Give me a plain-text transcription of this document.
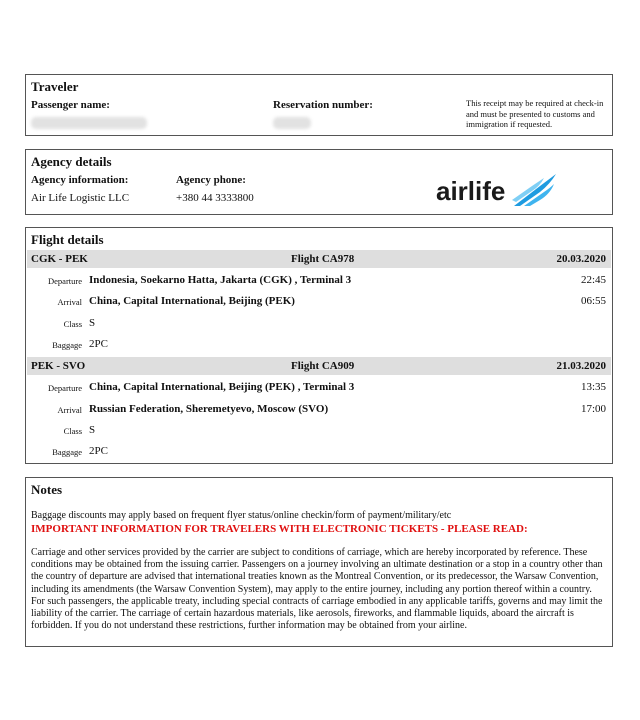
Traveler
Passenger name:	Reservation number:	This receipt may be required at check-in and must be presented to customs and immigration if requested.
Agency details
Agency information:
Air Life Logistic LLC
Agency phone:
+380 44 3333800	airlife
Flight details
CGK - PEK	Flight CA978	20.03.2020
Departure Indonesia, Soekarno Hatta, Jakarta (CGK) , Terminal 3	22:45
Arrival China, Capital International, Beijing (PEK)	06:55
Class S
Baggage 2PC
PEK - SVO	Flight CA909	21.03.2020
Departure China, Capital International, Beijing (PEK) , Terminal 3	13:35
Arrival Russian Federation, Sheremetyevo, Moscow (SVO)	17:00
Class S
Baggage 2PC
Notes
Baggage discounts may apply based on frequent flyer status/online checkin/form of payment/military/etc
IMPORTANT INFORMATION FOR TRAVELERS WITH ELECTRONIC TICKETS - PLEASE READ:
Carriage and other services provided by the carrier are subject to conditions of carriage, which are hereby incorporated by reference. These conditions may be obtained from the issuing carrier. Passengers on a journey involving an ultimate destination or a stop in a country other than the country of departure are advised that international treaties known as the Montreal Convention, or its predecessor, the Warsaw Convention, including its amendments (the Warsaw Convention System), may apply to the entire journey, including any portion thereof within a country. For such passengers, the applicable treaty, including special contracts of carriage embodied in any applicable tariffs, governs and may limit the liability of the carrier. The carriage of certain hazardous materials, like aerosols, fireworks, and flammable liquids, aboard the aircraft is forbidden. If you do not understand these restrictions, further information may be obtained from your airline.
